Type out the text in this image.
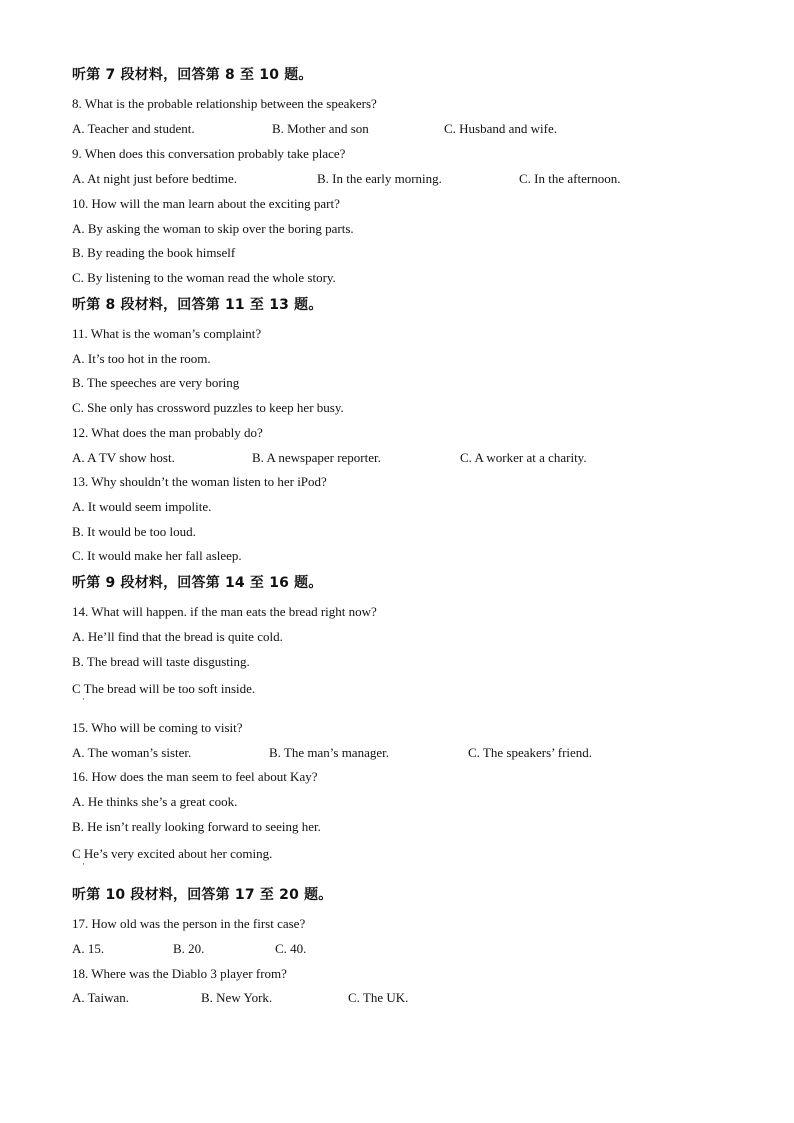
听第 7 段材料，回答第 8 至 10 题。
8. What is the probable relationship between the speakers?
A. Teacher and student.	B. Mother and son	C. Husband and wife.
9. When does this conversation probably take place?
A. At night just before bedtime.	B. In the early morning.	C. In the afternoon.
10. How will the man learn about the exciting part?
A. By asking the woman to skip over the boring parts.
B. By reading the book himself
C. By listening to the woman read the whole story.
听第 8 段材料，回答第 11 至 13 题。
11. What is the woman’s complaint?
A. It’s too hot in the room.
B. The speeches are very boring
C. She only has crossword puzzles to keep her busy.
12. What does the man probably do?
A. A TV show host.	B. A newspaper reporter.	C. A worker at a charity.
13. Why shouldn’t the woman listen to her iPod?
A. It would seem impolite.
B. It would be too loud.
C. It would make her fall asleep.
听第 9 段材料，回答第 14 至 16 题。
14. What will happen. if the man eats the bread right now?
A. He’ll find that the bread is quite cold.
B. The bread will taste disgusting.
C The bread will be too soft inside.
·
15. Who will be coming to visit?
A. The woman’s sister.	B. The man’s manager.	C. The speakers’ friend.
16. How does the man seem to feel about Kay?
A. He thinks she’s a great cook.
B. He isn’t really looking forward to seeing her.
C He’s very excited about her coming.
·
听第 10 段材料，回答第 17 至 20 题。
17. How old was the person in the first case?
A. 15.	B. 20.	C. 40.
18. Where was the Diablo 3 player from?
A. Taiwan.	B. New York.	C. The UK.
